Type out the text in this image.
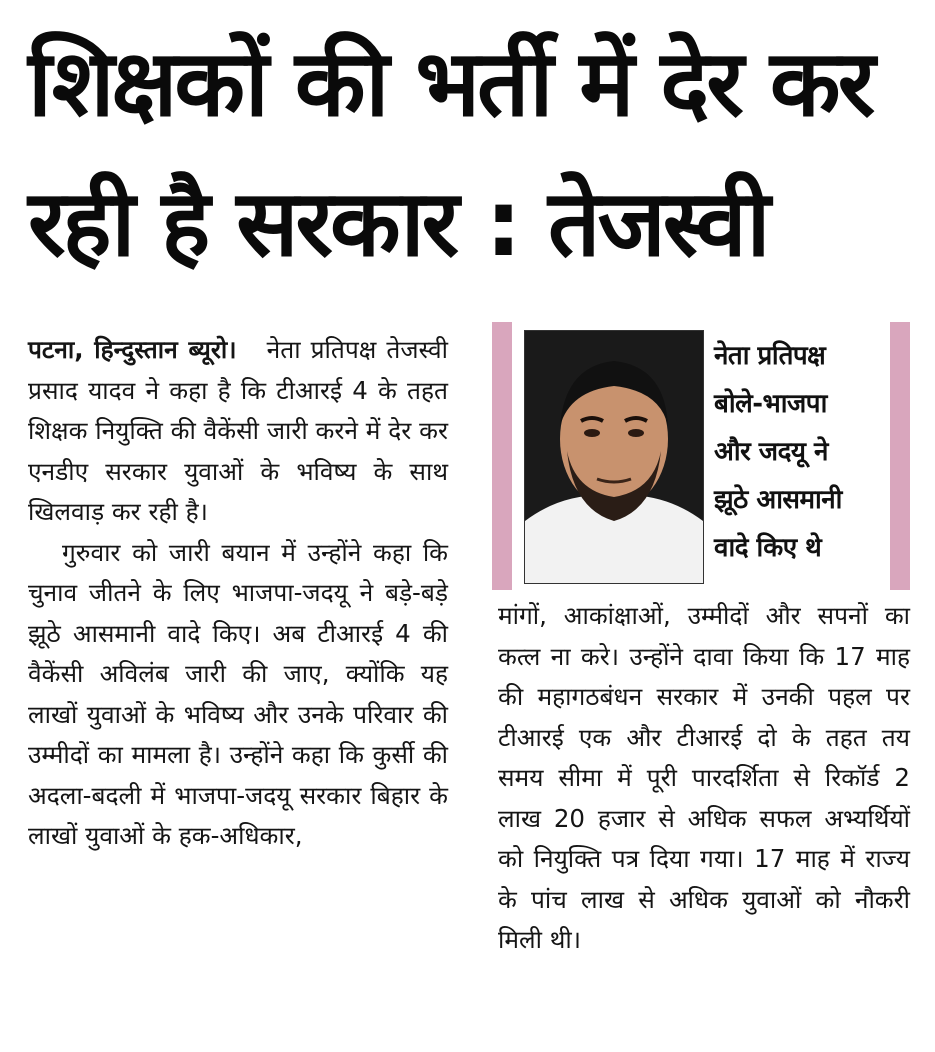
शिक्षकों की भर्ती में देर कर
रही है सरकार : तेजस्वी

पटना, हिन्दुस्तान ब्यूरो। नेता प्रतिपक्ष तेजस्वी प्रसाद यादव ने कहा है कि टीआरई 4 के तहत शिक्षक नियुक्ति की वैकेंसी जारी करने में देर कर एनडीए सरकार युवाओं के भविष्य के साथ खिलवाड़ कर रही है।

गुरुवार को जारी बयान में उन्होंने कहा कि चुनाव जीतने के लिए भाजपा-जदयू ने बड़े-बड़े झूठे आसमानी वादे किए। अब टीआरई 4 की वैकेंसी अविलंब जारी की जाए, क्योंकि यह लाखों युवाओं के भविष्य और उनके परिवार की उम्मीदों का मामला है। उन्होंने कहा कि कुर्सी की अदला-बदली में भाजपा-जदयू सरकार बिहार के लाखों युवाओं के हक-अधिकार,

नेता प्रतिपक्ष
बोले-भाजपा
और जदयू ने
झूठे आसमानी
वादे किए थे

मांगों, आकांक्षाओं, उम्मीदों और सपनों का कत्ल ना करे। उन्होंने दावा किया कि 17 माह की महागठबंधन सरकार में उनकी पहल पर टीआरई एक और टीआरई दो के तहत तय समय सीमा में पूरी पारदर्शिता से रिकॉर्ड 2 लाख 20 हजार से अधिक सफल अभ्यर्थियों को नियुक्ति पत्र दिया गया। 17 माह में राज्य के पांच लाख से अधिक युवाओं को नौकरी मिली थी।
